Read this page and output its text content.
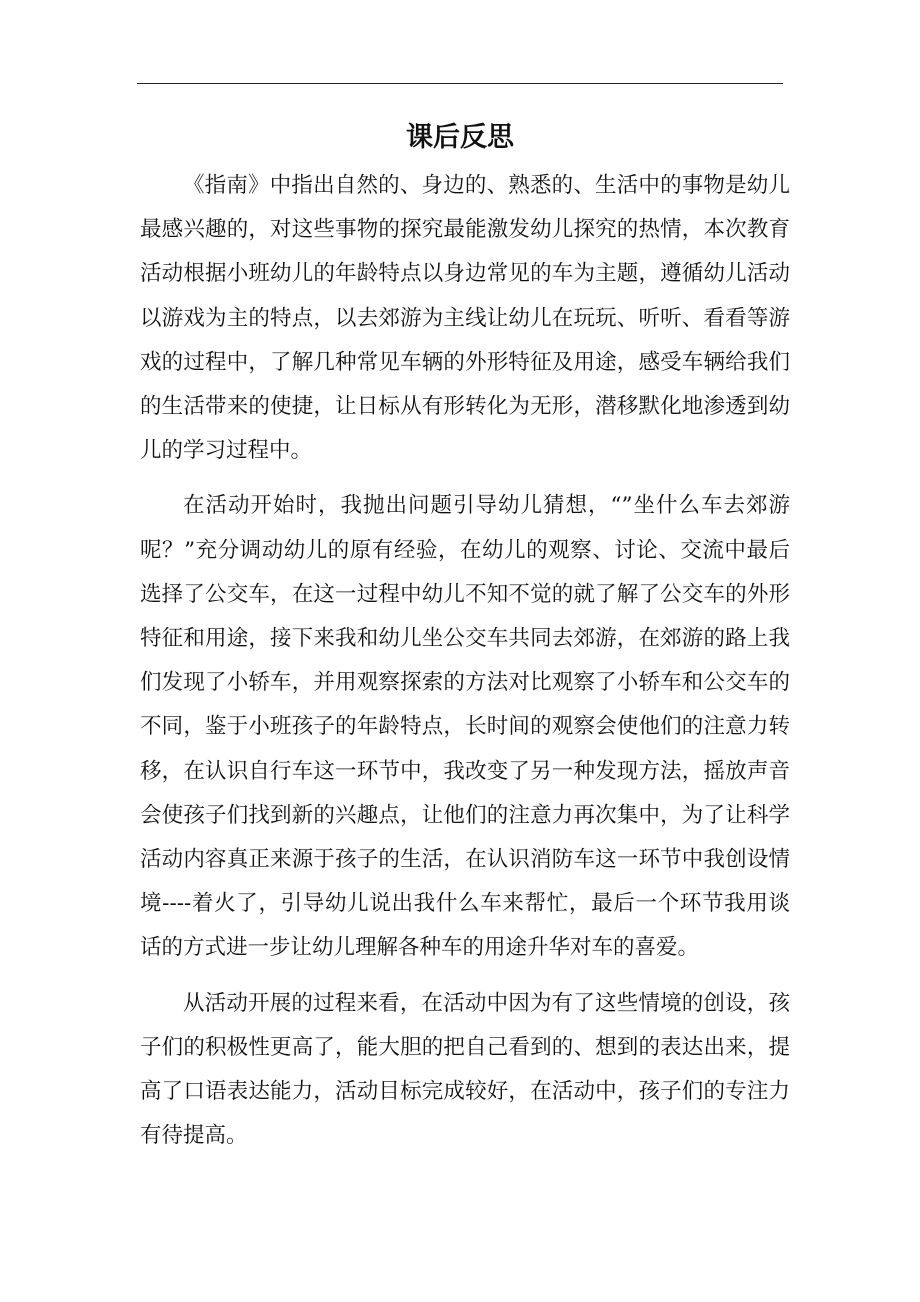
课后反思

《指南》中指出自然的、身边的、熟悉的、生活中的事物是幼儿最感兴趣的，对这些事物的探究最能激发幼儿探究的热情，本次教育活动根据小班幼儿的年龄特点以身边常见的车为主题，遵循幼儿活动以游戏为主的特点，以去郊游为主线让幼儿在玩玩、听听、看看等游戏的过程中，了解几种常见车辆的外形特征及用途，感受车辆给我们的生活带来的使捷，让日标从有形转化为无形，潜移默化地渗透到幼儿的学习过程中。

在活动开始时，我抛出问题引导幼儿猜想，“”坐什么车去郊游呢？”充分调动幼儿的原有经验，在幼儿的观察、讨论、交流中最后选择了公交车，在这一过程中幼儿不知不觉的就了解了公交车的外形特征和用途，接下来我和幼儿坐公交车共同去郊游，在郊游的路上我们发现了小轿车，并用观察探索的方法对比观察了小轿车和公交车的不同，鉴于小班孩子的年龄特点，长时间的观察会使他们的注意力转移，在认识自行车这一环节中，我改变了另一种发现方法，摇放声音会使孩子们找到新的兴趣点，让他们的注意力再次集中，为了让科学活动内容真正来源于孩子的生活，在认识消防车这一环节中我创设情境----着火了，引导幼儿说出我什么车来帮忙，最后一个环节我用谈话的方式进一步让幼儿理解各种车的用途升华对车的喜爱。

从活动开展的过程来看，在活动中因为有了这些情境的创设，孩子们的积极性更高了，能大胆的把自己看到的、想到的表达出来，提高了口语表达能力，活动目标完成较好，在活动中，孩子们的专注力有待提高。
